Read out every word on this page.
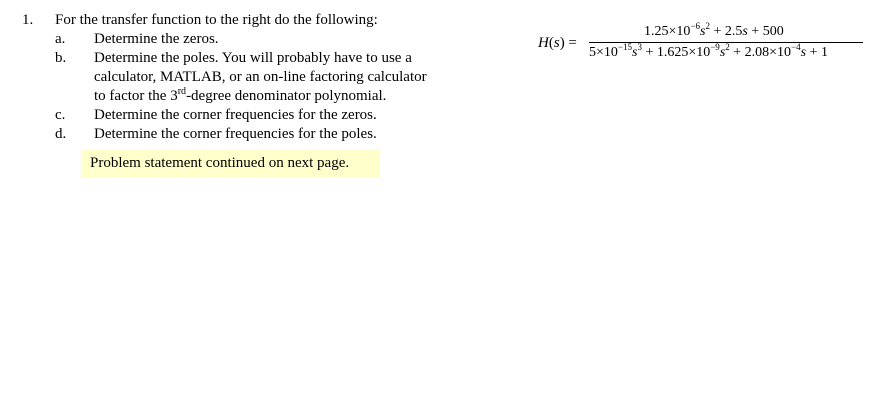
1. For the transfer function to the right do the following:
a.	Determine the zeros.
b.	Determine the poles. You will probably have to use a
calculator, MATLAB, or an on-line factoring calculator
to factor the 3rd-degree denominator polynomial.
c.	Determine the corner frequencies for the zeros.
d.	Determine the corner frequencies for the poles.
Problem statement continued on next page.
H(s) =
$1.25\times 10^{-6}s^2 + 2.5s + 500$
$5\times 10^{-15}s^3 + 1.625\times 10^{-9}s^2 + 2.08\times 10^{-4}s + 1$
